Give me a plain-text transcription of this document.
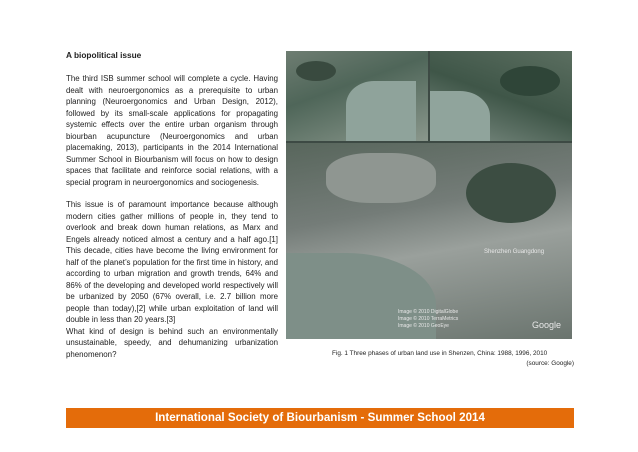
A biopolitical issue

The third ISB summer school will complete a cycle. Having dealt with neuroergonomics as a prerequisite to urban planning (Neuroergonomics and Urban Design, 2012), followed by its small-scale applications for propagating systemic effects over the entire urban organism through biourban acupuncture (Neuroergonomics and urban placemaking, 2013), participants in the 2014 International Summer School in Biourbanism will focus on how to design spaces that facilitate and reinforce social relations, with a special program in neuroergonomics and sociogenesis.

This issue is of paramount importance because although modern cities gather millions of people in, they tend to overlook and break down human relations, as Marx and Engels already noticed almost a century and a half ago.[1] This decade, cities have become the living environment for half of the planet’s population for the first time in history, and according to urban migration and growth trends, 64% and 86% of the developing and developed world respectively will be urbanized by 2050 (67% overall, i.e. 2.7 billion more people than today),[2] while urban exploitation of land will double in less than 20 years.[3]

What kind of design is behind such an environmentally unsustainable, speedy, and dehumanizing urbanization phenomenon?

Shenzhen Guangdong
Image © 2010 DigitalGlobe
Image © 2010 TerraMetrics
Image © 2010 GeoEye	Google
Fig. 1 Three phases of urban land use in Shenzen, China: 1988, 1996, 2010
(source: Google)
International Society of Biourbanism - Summer School 2014
